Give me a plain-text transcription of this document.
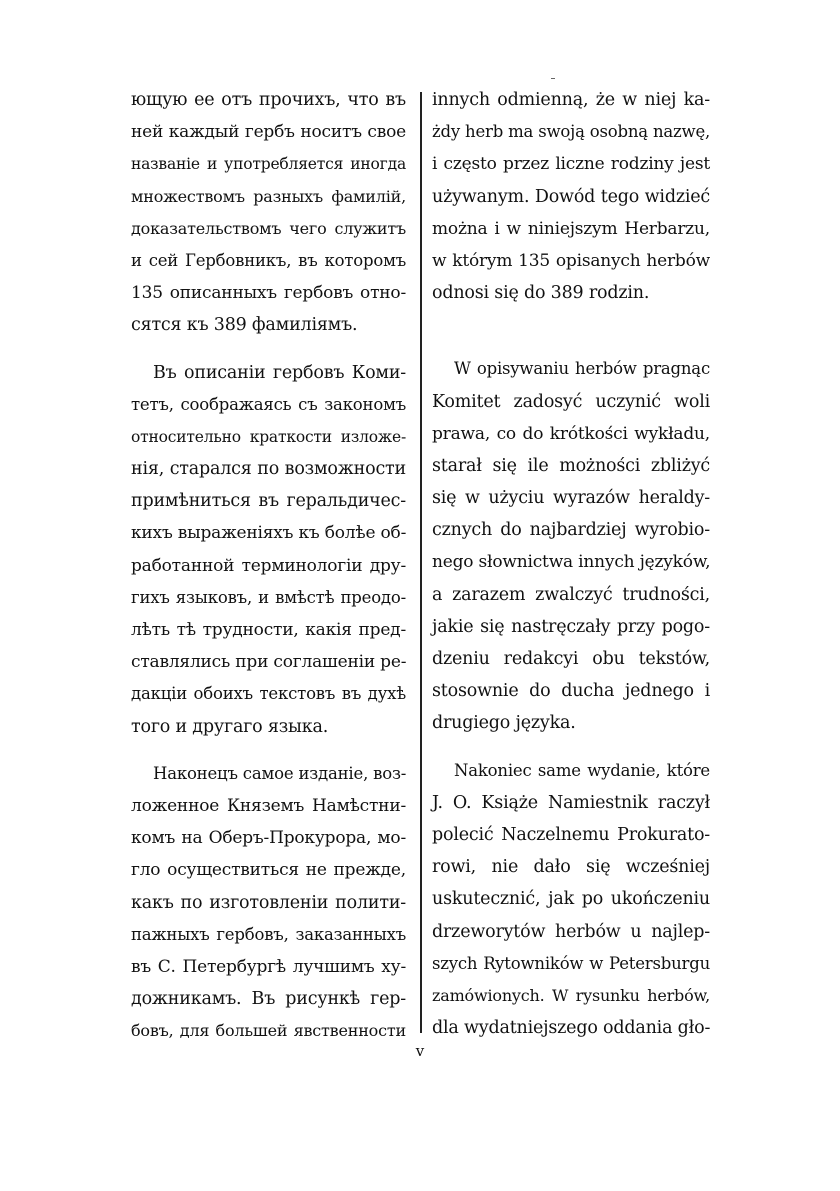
ющую ее отъ прочихъ, что въ
ней каждый гербъ носитъ свое
названіе и употребляется иногда
множествомъ разныхъ фамилій,
доказательствомъ чего служитъ
и сей Гербовникъ, въ которомъ
135 описанныхъ гербовъ отно-
сятся къ 389 фамиліямъ.
Въ описаніи гербовъ Коми-
тетъ, соображаясь съ закономъ
относительно краткости изложе-
нія, старался по возможности
примѣниться въ геральдичес-
кихъ выраженіяхъ къ болѣе об-
работанной терминологіи дру-
гихъ языковъ, и вмѣстѣ преодо-
лѣть тѣ трудности, какія пред-
ставлялись при соглашеніи ре-
дакціи обоихъ текстовъ въ духѣ
того и другаго языка.
Наконецъ самое изданіе, воз-
ложенное Княземъ Намѣстни-
комъ на Оберъ-Прокурора, мо-
гло осуществиться не прежде,
какъ по изготовленіи полити-
пажныхъ гербовъ, заказанныхъ
въ С. Петербургѣ лучшимъ ху-
дожникамъ. Въ рисункѣ гер-
бовъ, для большей явственности
innych odmienną, że w niej ka-
żdy herb ma swoją osobną nazwę,
i często przez liczne rodziny jest
używanym. Dowód tego widzieć
można i w niniejszym Herbarzu,
w którym 135 opisanych herbów
odnosi się do 389 rodzin.
W opisywaniu herbów pragnąc
Komitet zadosyć uczynić woli
prawa, co do krótkości wykładu,
starał się ile możności zbliżyć
się w użyciu wyrazów heraldy-
cznych do najbardziej wyrobio-
nego słownictwa innych języków,
a zarazem zwalczyć trudności,
jakie się nastręczały przy pogo-
dzeniu redakcyi obu tekstów,
stosownie do ducha jednego i
drugiego języka.
Nakoniec same wydanie, które
J. O. Książe Namiestnik raczył
polecić Naczelnemu Prokurato-
rowi, nie dało się wcześniej
uskutecznić, jak po ukończeniu
drzeworytów herbów u najlep-
szych Rytowników w Petersburgu
zamówionych. W rysunku herbów,
dla wydatniejszego oddania gło-
v
